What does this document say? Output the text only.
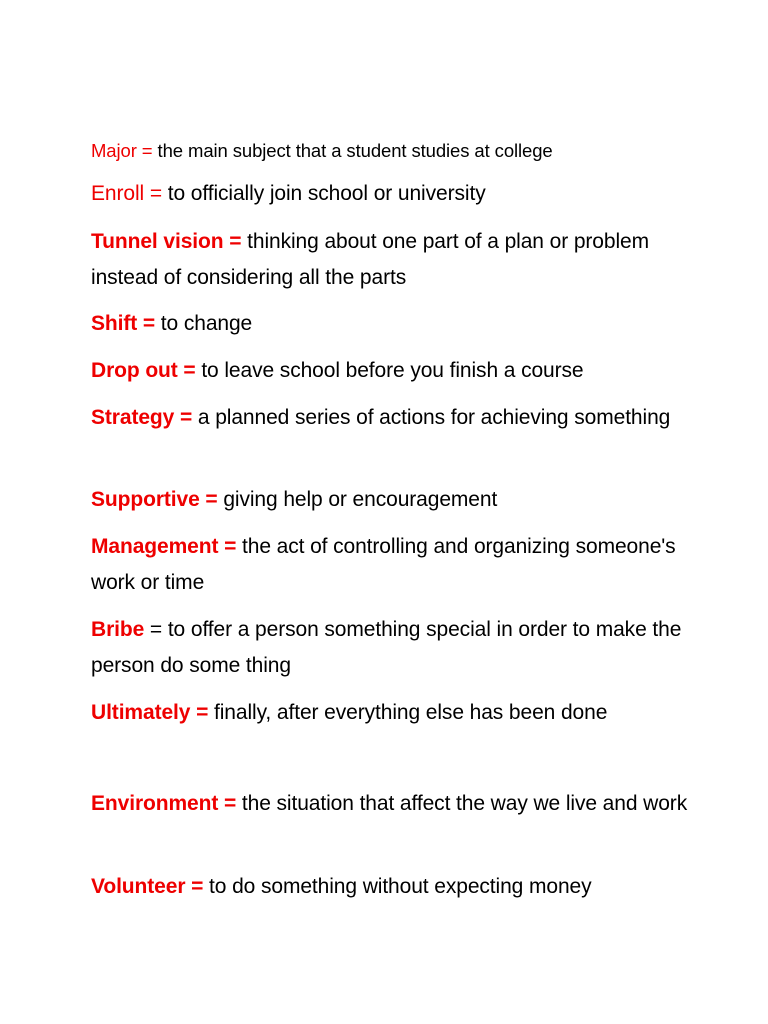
Major = the main subject that a student studies at college
Enroll = to officially join school or university
Tunnel vision = thinking about one part of a plan or problem instead of considering all the parts
Shift = to change
Drop out = to leave school before you finish a course
Strategy = a planned series of actions for achieving something
Supportive = giving help or encouragement
Management = the act of controlling and organizing someone's work or time
Bribe = to offer a person something special in order to make the person do some thing
Ultimately = finally, after everything else has been done
Environment = the situation that affect the way we live and work
Volunteer = to do something without expecting money
